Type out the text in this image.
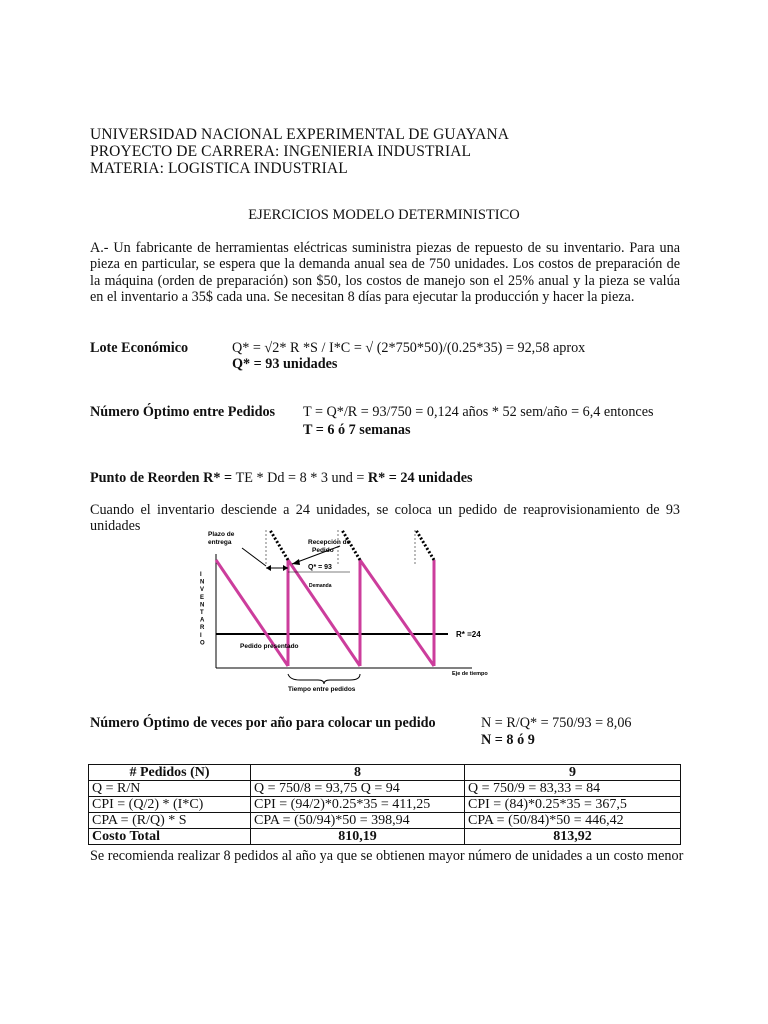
UNIVERSIDAD NACIONAL EXPERIMENTAL DE GUAYANA
PROYECTO DE CARRERA: INGENIERIA INDUSTRIAL
MATERIA: LOGISTICA INDUSTRIAL
EJERCICIOS MODELO DETERMINISTICO
A.- Un fabricante de herramientas eléctricas suministra piezas de repuesto de su inventario. Para una pieza en particular, se espera que la demanda anual sea de 750 unidades. Los costos de preparación de la máquina (orden de preparación) son $50, los costos de manejo son el 25% anual y la pieza se valúa en el inventario a 35$ cada una. Se necesitan 8 días para ejecutar la producción y hacer la pieza.
Lote Económico	Q* = √2* R *S / I*C = √ (2*750*50)/(0.25*35) = 92,58 aprox
Q* = 93 unidades
Número Óptimo entre Pedidos T = Q*/R = 93/750 = 0,124 años * 52 sem/año = 6,4 entonces
T = 6 ó 7 semanas
Punto de Reorden R* = TE * Dd = 8 * 3 und = R* = 24 unidades
Cuando el inventario desciende a 24 unidades, se coloca un pedido de reaprovisionamiento de 93 unidades
Plazo de
entrega	Recepción de
Pedido
Q* = 93
Demanda
R* =24
Pedido presentado
Eje de tiempo
Tiempo entre pedidos
I
N
V
E
N
T
A
R
I
O
Número Óptimo de veces por año para colocar un pedido	N = R/Q* = 750/93 = 8,06
N = 8 ó 9
# Pedidos (N)	8	9
Q = R/N	Q = 750/8 = 93,75 Q = 94	Q = 750/9 = 83,33 = 84
CPI = (Q/2) * (I*C)	CPI = (94/2)*0.25*35 = 411,25	CPI = (84)*0.25*35 = 367,5
CPA = (R/Q) * S	CPA = (50/94)*50 = 398,94	CPA = (50/84)*50 = 446,42
Costo Total	810,19	813,92
Se recomienda realizar 8 pedidos al año ya que se obtienen mayor número de unidades a un costo menor
